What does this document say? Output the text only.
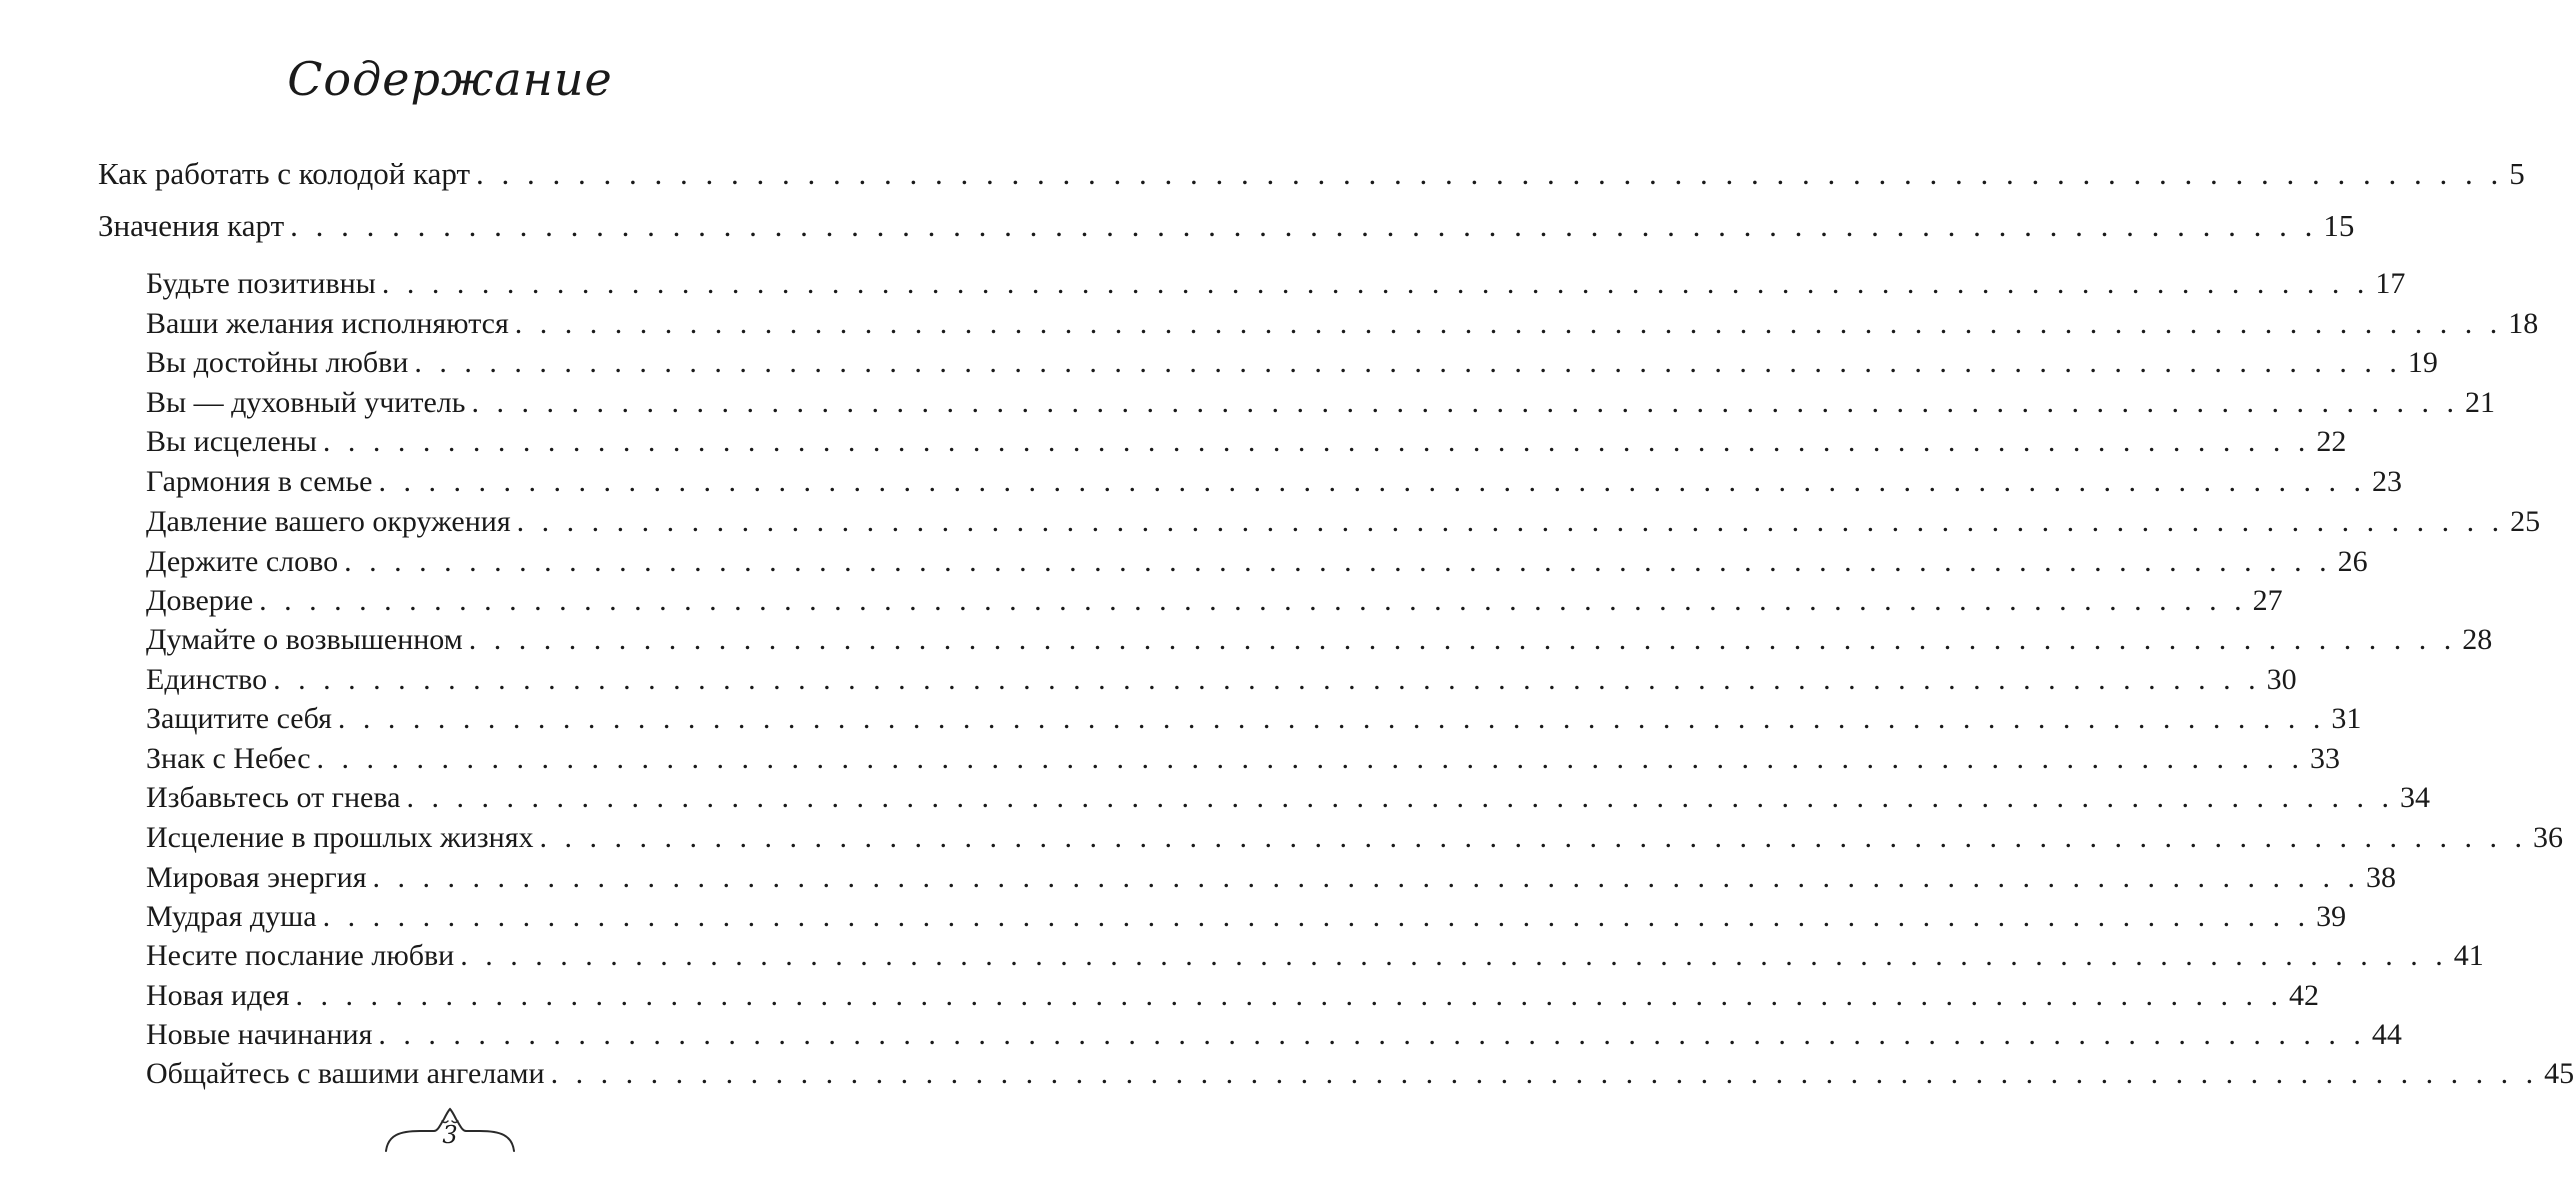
Содержание
Как работать с колодой карт . . . . . . . . . . . . . . . . . . . . . . . . . . . . . . . . . . . . . . . . . . . . . . . . . . . . . . . . . . . . . . . . . . . . . . . . . . . . . . . . 5
Значения карт . . . . . . . . . . . . . . . . . . . . . . . . . . . . . . . . . . . . . . . . . . . . . . . . . . . . . . . . . . . . . . . . . . . . . . . . . . . . . . . . 15
Будьте позитивны . . . . . . . . . . . . . . . . . . . . . . . . . . . . . . . . . . . . . . . . . . . . . . . . . . . . . . . . . . . . . . . . . . . . . . . . . . . . . . . . 17
Ваши желания исполняются . . . . . . . . . . . . . . . . . . . . . . . . . . . . . . . . . . . . . . . . . . . . . . . . . . . . . . . . . . . . . . . . . . . . . . . . . . . . . . . . 18
Вы достойны любви . . . . . . . . . . . . . . . . . . . . . . . . . . . . . . . . . . . . . . . . . . . . . . . . . . . . . . . . . . . . . . . . . . . . . . . . . . . . . . . . 19
Вы — духовный учитель . . . . . . . . . . . . . . . . . . . . . . . . . . . . . . . . . . . . . . . . . . . . . . . . . . . . . . . . . . . . . . . . . . . . . . . . . . . . . . . . 21
Вы исцелены . . . . . . . . . . . . . . . . . . . . . . . . . . . . . . . . . . . . . . . . . . . . . . . . . . . . . . . . . . . . . . . . . . . . . . . . . . . . . . . . 22
Гармония в семье . . . . . . . . . . . . . . . . . . . . . . . . . . . . . . . . . . . . . . . . . . . . . . . . . . . . . . . . . . . . . . . . . . . . . . . . . . . . . . . . 23
Давление вашего окружения . . . . . . . . . . . . . . . . . . . . . . . . . . . . . . . . . . . . . . . . . . . . . . . . . . . . . . . . . . . . . . . . . . . . . . . . . . . . . . . . 25
Держите слово . . . . . . . . . . . . . . . . . . . . . . . . . . . . . . . . . . . . . . . . . . . . . . . . . . . . . . . . . . . . . . . . . . . . . . . . . . . . . . . . 26
Доверие . . . . . . . . . . . . . . . . . . . . . . . . . . . . . . . . . . . . . . . . . . . . . . . . . . . . . . . . . . . . . . . . . . . . . . . . . . . . . . . . 27
Думайте о возвышенном . . . . . . . . . . . . . . . . . . . . . . . . . . . . . . . . . . . . . . . . . . . . . . . . . . . . . . . . . . . . . . . . . . . . . . . . . . . . . . . . 28
Единство . . . . . . . . . . . . . . . . . . . . . . . . . . . . . . . . . . . . . . . . . . . . . . . . . . . . . . . . . . . . . . . . . . . . . . . . . . . . . . . . 30
Защитите себя . . . . . . . . . . . . . . . . . . . . . . . . . . . . . . . . . . . . . . . . . . . . . . . . . . . . . . . . . . . . . . . . . . . . . . . . . . . . . . . . 31
Знак с Небес . . . . . . . . . . . . . . . . . . . . . . . . . . . . . . . . . . . . . . . . . . . . . . . . . . . . . . . . . . . . . . . . . . . . . . . . . . . . . . . . 33
Избавьтесь от гнева . . . . . . . . . . . . . . . . . . . . . . . . . . . . . . . . . . . . . . . . . . . . . . . . . . . . . . . . . . . . . . . . . . . . . . . . . . . . . . . . 34
Исцеление в прошлых жизнях . . . . . . . . . . . . . . . . . . . . . . . . . . . . . . . . . . . . . . . . . . . . . . . . . . . . . . . . . . . . . . . . . . . . . . . . . . . . . . . . 36
Мировая энергия . . . . . . . . . . . . . . . . . . . . . . . . . . . . . . . . . . . . . . . . . . . . . . . . . . . . . . . . . . . . . . . . . . . . . . . . . . . . . . . . 38
Мудрая душа . . . . . . . . . . . . . . . . . . . . . . . . . . . . . . . . . . . . . . . . . . . . . . . . . . . . . . . . . . . . . . . . . . . . . . . . . . . . . . . . 39
Несите послание любви . . . . . . . . . . . . . . . . . . . . . . . . . . . . . . . . . . . . . . . . . . . . . . . . . . . . . . . . . . . . . . . . . . . . . . . . . . . . . . . . 41
Новая идея . . . . . . . . . . . . . . . . . . . . . . . . . . . . . . . . . . . . . . . . . . . . . . . . . . . . . . . . . . . . . . . . . . . . . . . . . . . . . . . . 42
Новые начинания . . . . . . . . . . . . . . . . . . . . . . . . . . . . . . . . . . . . . . . . . . . . . . . . . . . . . . . . . . . . . . . . . . . . . . . . . . . . . . . . 44
Общайтесь с вашими ангелами . . . . . . . . . . . . . . . . . . . . . . . . . . . . . . . . . . . . . . . . . . . . . . . . . . . . . . . . . . . . . . . . . . . . . . . . . . . . . . . . 45
3
